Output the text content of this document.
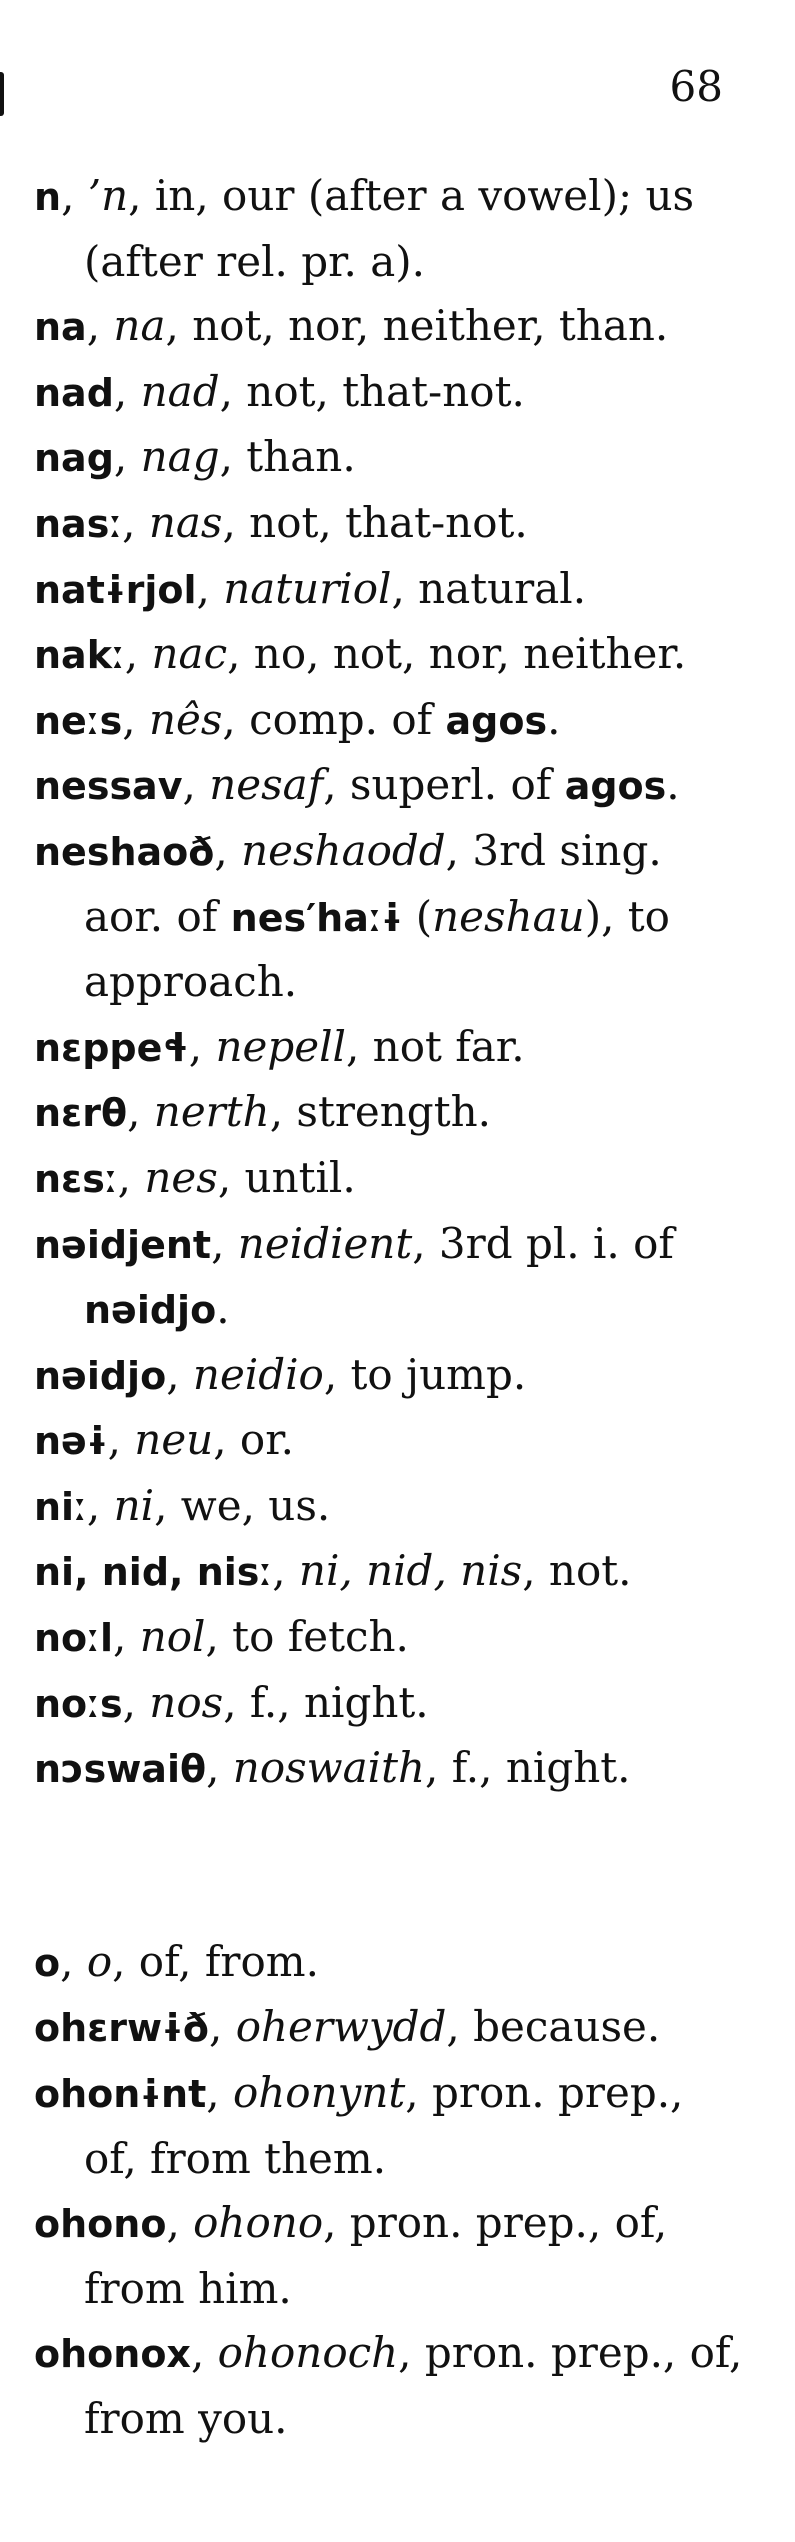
68

n, ’n, in, our (after a vowel); us (after rel. pr. a).

na, na, not, nor, neither, than.

nad, nad, not, that-not.

nag, nag, than.

nasː, nas, not, that-not.

natɨrjol, naturiol, natural.

nakː, nac, no, not, nor, neither.

neːs, nês, comp. of agos.

nessav, nesaf, superl. of agos.

neshaoð, neshaodd, 3rd sing. aor. of nes′haːɨ (neshau), to approach.

nɛppeɬ, nepell, not far.

nɛrθ, nerth, strength.

nɛsː, nes, until.

nəidjent, neidient, 3rd pl. i. of nəidjo.

nəidjo, neidio, to jump.

nəɨ, neu, or.

niː, ni, we, us.

ni, nid, nisː, ni, nid, nis, not.

noːl, nol, to fetch.

noːs, nos, f., night.

nɔswaiθ, noswaith, f., night.

o, o, of, from.

ohɛrwɨð, oherwydd, because.

ohonɨnt, ohonynt, pron. prep., of, from them.

ohono, ohono, pron. prep., of, from him.

ohonox, ohonoch, pron. prep., of, from you.
